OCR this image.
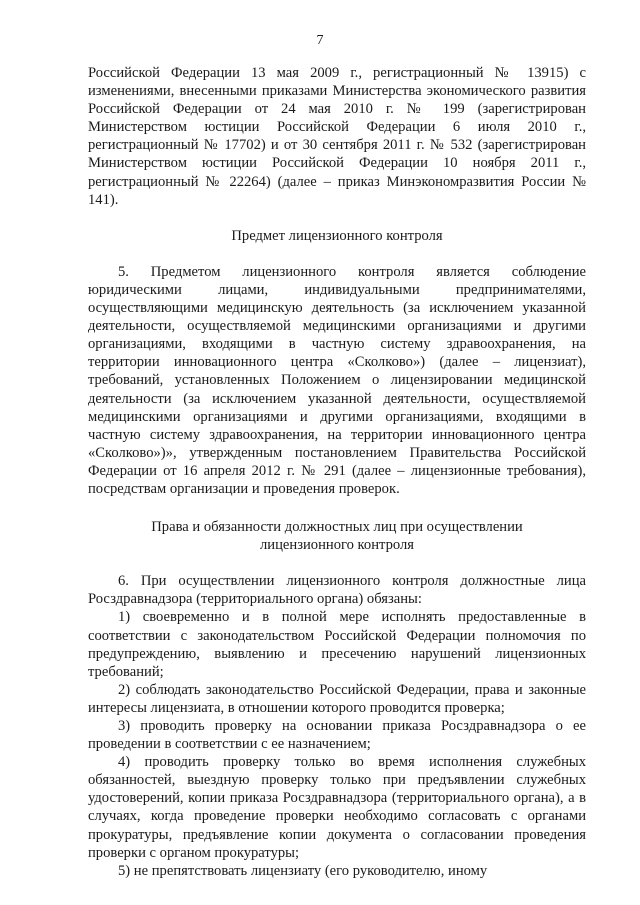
7

Российской Федерации 13 мая 2009 г., регистрационный № 13915) с изменениями, внесенными приказами Министерства экономического развития Российской Федерации от 24 мая 2010 г. № 199 (зарегистрирован Министерством юстиции Российской Федерации 6 июля 2010 г., регистрационный № 17702) и от 30 сентября 2011 г. № 532 (зарегистрирован Министерством юстиции Российской Федерации 10 ноября 2011 г., регистрационный № 22264) (далее – приказ Минэкономразвития России № 141).

Предмет лицензионного контроля

5. Предметом лицензионного контроля является соблюдение юридическими лицами, индивидуальными предпринимателями, осуществляющими медицинскую деятельность (за исключением указанной деятельности, осуществляемой медицинскими организациями и другими организациями, входящими в частную систему здравоохранения, на территории инновационного центра «Сколково») (далее – лицензиат), требований, установленных Положением о лицензировании медицинской деятельности (за исключением указанной деятельности, осуществляемой медицинскими организациями и другими организациями, входящими в частную систему здравоохранения, на территории инновационного центра «Сколково»)», утвержденным постановлением Правительства Российской Федерации от 16 апреля 2012 г. № 291 (далее – лицензионные требования), посредствам организации и проведения проверок.

Права и обязанности должностных лиц при осуществлении

лицензионного контроля

6. При осуществлении лицензионного контроля должностные лица Росздравнадзора (территориального органа) обязаны:

1) своевременно и в полной мере исполнять предоставленные в соответствии с законодательством Российской Федерации полномочия по предупреждению, выявлению и пресечению нарушений лицензионных требований;

2) соблюдать законодательство Российской Федерации, права и законные интересы лицензиата, в отношении которого проводится проверка;

3) проводить проверку на основании приказа Росздравнадзора о ее проведении в соответствии с ее назначением;

4) проводить проверку только во время исполнения служебных обязанностей, выездную проверку только при предъявлении служебных удостоверений, копии приказа Росздравнадзора (территориального органа), а в случаях, когда проведение проверки необходимо согласовать с органами прокуратуры, предъявление копии документа о согласовании проведения проверки с органом прокуратуры;

5) не препятствовать лицензиату (его руководителю, иному
